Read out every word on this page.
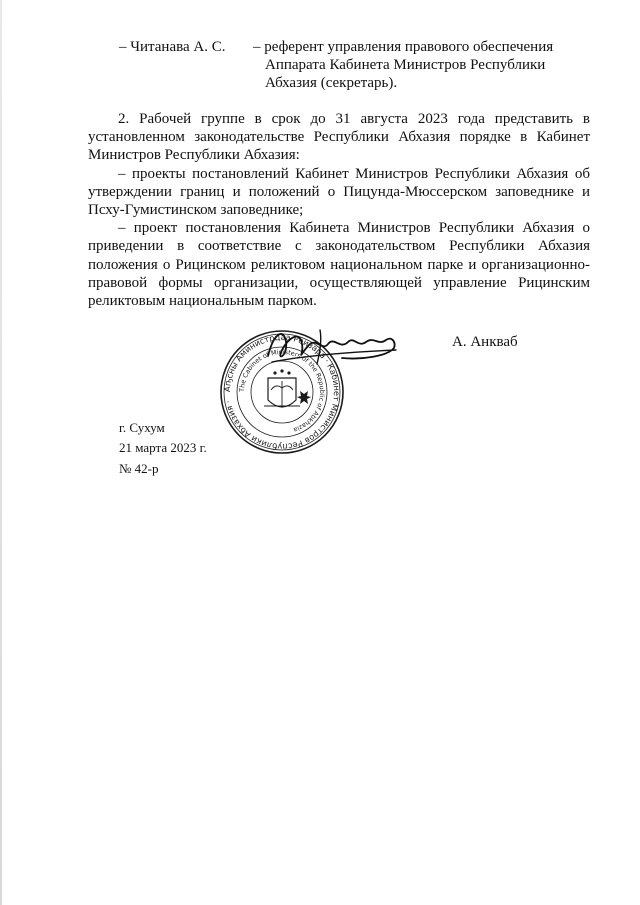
– Читанава А. С. – референт управления правового обеспечения
Аппарата Кабинета Министров Республики
Абхазия (секретарь).

2. Рабочей группе в срок до 31 августа 2023 года представить в установленном законодательстве Республики Абхазия порядке в Кабинет Министров Республики Абхазия:

– проекты постановлений Кабинет Министров Республики Абхазия об утверждении границ и положений о Пицунда-Мюссерском заповеднике и Псху-Гумистинском заповеднике;

– проект постановления Кабинета Министров Республики Абхазия о приведении в соответствие с законодательством Республики Абхазия положения о Рицинском реликтовом национальном парке и организационно-правовой формы организации, осуществляющей управление Рицинским реликтовым национальным парком.

Аҧсны Аминистрцәа Реизара · Кабинет Министров Республики Абхазия ·
The Cabinet of Ministers of the Republic of Abkhazia
А. Анкваб
г. Сухум
21 марта 2023 г.
№ 42-р
